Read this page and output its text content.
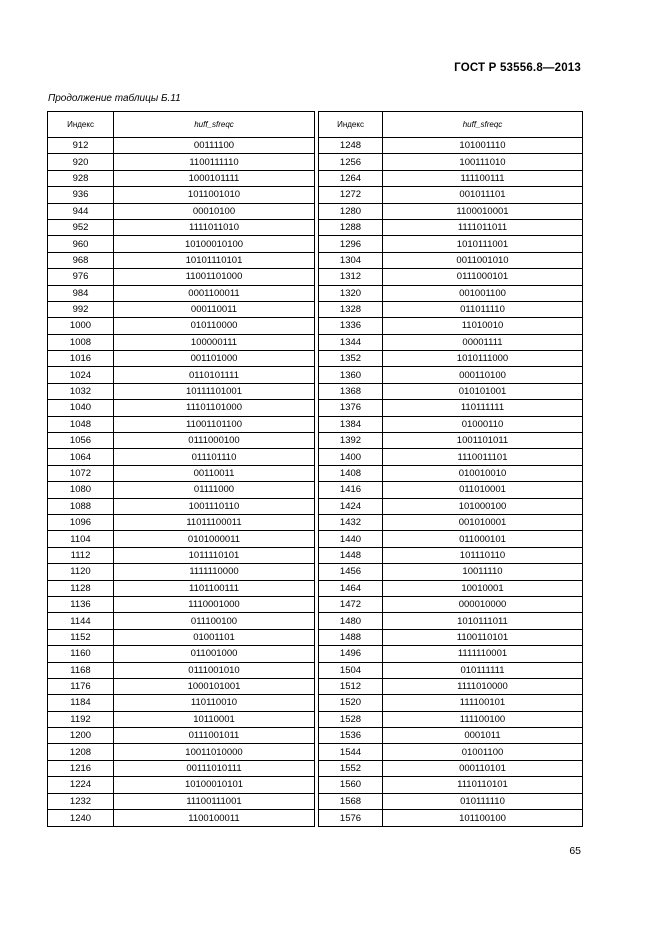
ГОСТ Р 53556.8—2013
Продолжение таблицы Б.11
Индекс	huff_sfreqc		Индекс	huff_sfreqc
912	00111100		1248	101001110
920	1100111110		1256	100111010
928	1000101111		1264	111100111
936	1011001010		1272	001011101
944	00010100		1280	1100010001
952	1111011010		1288	1111011011
960	10100010100		1296	1010111001
968	10101110101		1304	0011001010
976	11001101000		1312	0111000101
984	0001100011		1320	001001100
992	000110011		1328	011011110
1000	010110000		1336	11010010
1008	100000111		1344	00001111
1016	001101000		1352	1010111000
1024	0110101111		1360	000110100
1032	10111101001		1368	010101001
1040	11101101000		1376	110111111
1048	11001101100		1384	01000110
1056	0111000100		1392	1001101011
1064	011101110		1400	1110011101
1072	00110011		1408	010010010
1080	01111000		1416	011010001
1088	1001110110		1424	101000100
1096	11011100011		1432	001010001
1104	0101000011		1440	011000101
1112	1011110101		1448	101110110
1120	1111110000		1456	10011110
1128	1101100111		1464	10010001
1136	1110001000		1472	000010000
1144	011100100		1480	1010111011
1152	01001101		1488	1100110101
1160	011001000		1496	1111110001
1168	0111001010		1504	010111111
1176	1000101001		1512	1111010000
1184	110110010		1520	111100101
1192	10110001		1528	111100100
1200	0111001011		1536	0001011
1208	10011010000		1544	01001100
1216	00111010111		1552	000110101
1224	10100010101		1560	1110110101
1232	11100111001		1568	010111110
1240	1100100011		1576	101100100
65
